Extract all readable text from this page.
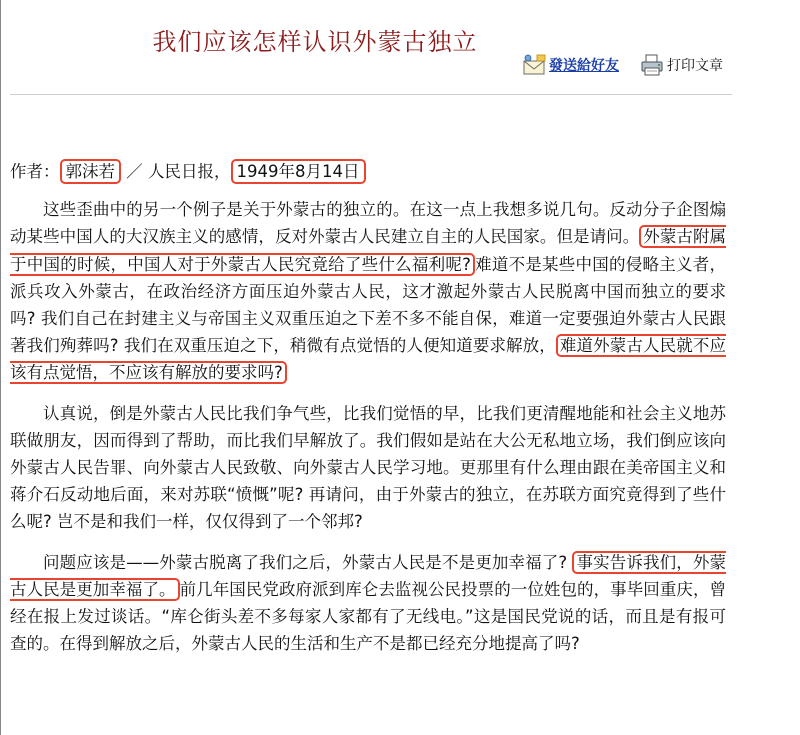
我们应该怎样认识外蒙古独立
發送給好友	打印文章
作者： 郭沫若 ／ 人民日报， 1949年8月14日

这些歪曲中的另一个例子是关于外蒙古的独立的。在这一点上我想多说几句。反动分子企图煽动某些中国人的大汉族主义的感情，反对外蒙古人民建立自主的人民国家。但是请问。 外蒙古附属于中国的时候，中国人对于外蒙古人民究竟给了些什么福利呢? 难道不是某些中国的侵略主义者，派兵攻入外蒙古，在政治经济方面压迫外蒙古人民，这才激起外蒙古人民脱离中国而独立的要求吗? 我们自己在封建主义与帝国主义双重压迫之下差不多不能自保，难道一定要强迫外蒙古人民跟著我们殉葬吗? 我们在双重压迫之下，稍微有点觉悟的人便知道要求解放， 难道外蒙古人民就不应该有点觉悟，不应该有解放的要求吗?

认真说，倒是外蒙古人民比我们争气些，比我们觉悟的早，比我们更清醒地能和社会主义地苏联做朋友，因而得到了帮助，而比我们早解放了。我们假如是站在大公无私地立场，我们倒应该向外蒙古人民告罪、向外蒙古人民致敬、向外蒙古人民学习地。更那里有什么理由跟在美帝国主义和蒋介石反动地后面，来对苏联“愤慨”呢? 再请问，由于外蒙古的独立，在苏联方面究竟得到了些什么呢? 岂不是和我们一样，仅仅得到了一个邻邦?

问题应该是——外蒙古脱离了我们之后，外蒙古人民是不是更加幸福了? 事实告诉我们，外蒙古人民是更加幸福了。 前几年国民党政府派到库仑去监视公民投票的一位姓包的，事毕回重庆，曾经在报上发过谈话。“库仑街头差不多每家人家都有了无线电。”这是国民党说的话，而且是有报可查的。在得到解放之后，外蒙古人民的生活和生产不是都已经充分地提高了吗?
